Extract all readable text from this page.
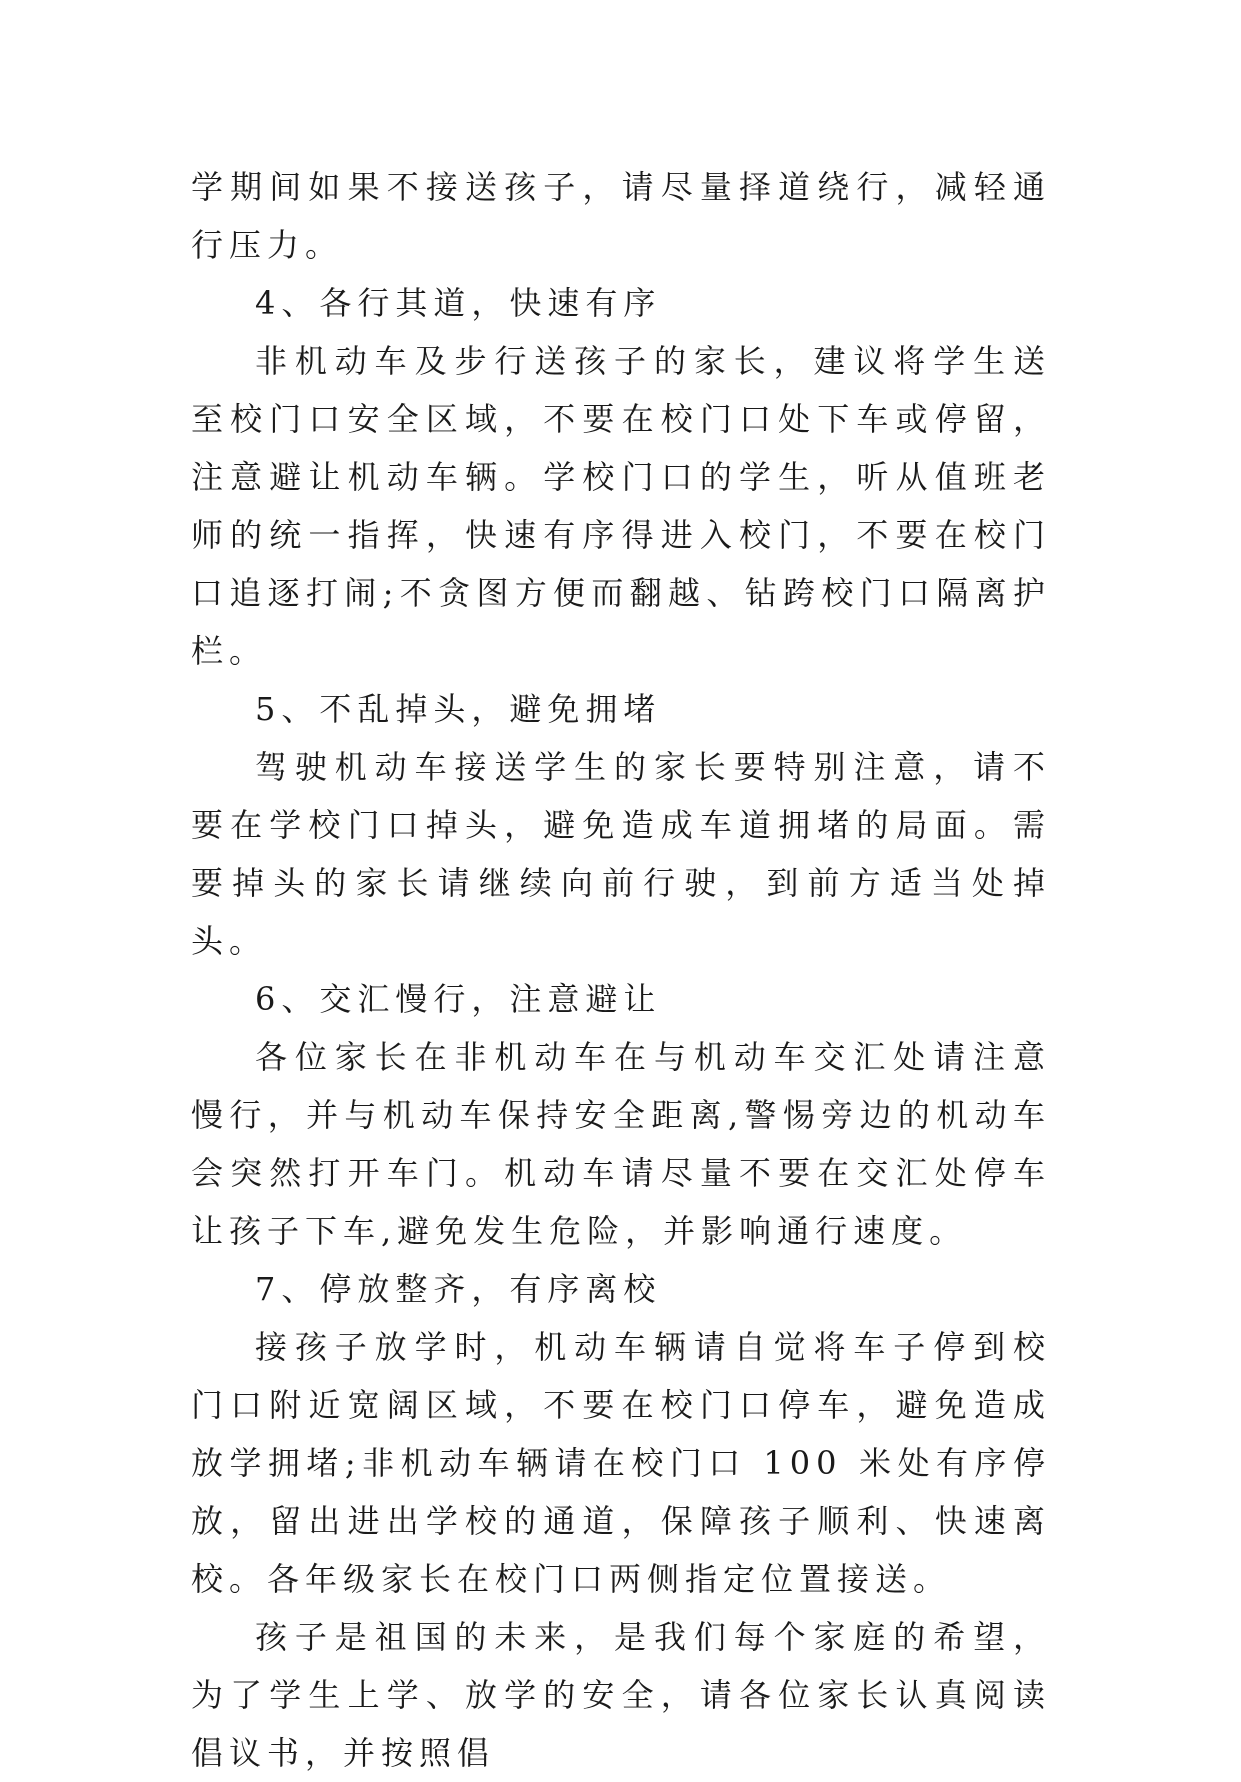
学期间如果不接送孩子，请尽量择道绕行，减轻通行压力。

4、各行其道，快速有序

非机动车及步行送孩子的家长，建议将学生送至校门口安全区域，不要在校门口处下车或停留，注意避让机动车辆。学校门口的学生，听从值班老师的统一指挥，快速有序得进入校门，不要在校门口追逐打闹;不贪图方便而翻越、钻跨校门口隔离护栏。

5、不乱掉头，避免拥堵

驾驶机动车接送学生的家长要特别注意，请不要在学校门口掉头，避免造成车道拥堵的局面。需要掉头的家长请继续向前行驶，到前方适当处掉头。

6、交汇慢行，注意避让

各位家长在非机动车在与机动车交汇处请注意慢行，并与机动车保持安全距离,警惕旁边的机动车会突然打开车门。机动车请尽量不要在交汇处停车让孩子下车,避免发生危险，并影响通行速度。

7、停放整齐，有序离校

接孩子放学时，机动车辆请自觉将车子停到校门口附近宽阔区域，不要在校门口停车，避免造成放学拥堵;非机动车辆请在校门口 100 米处有序停放，留出进出学校的通道，保障孩子顺利、快速离校。各年级家长在校门口两侧指定位置接送。

孩子是祖国的未来，是我们每个家庭的希望，为了学生上学、放学的安全，请各位家长认真阅读倡议书，并按照倡
